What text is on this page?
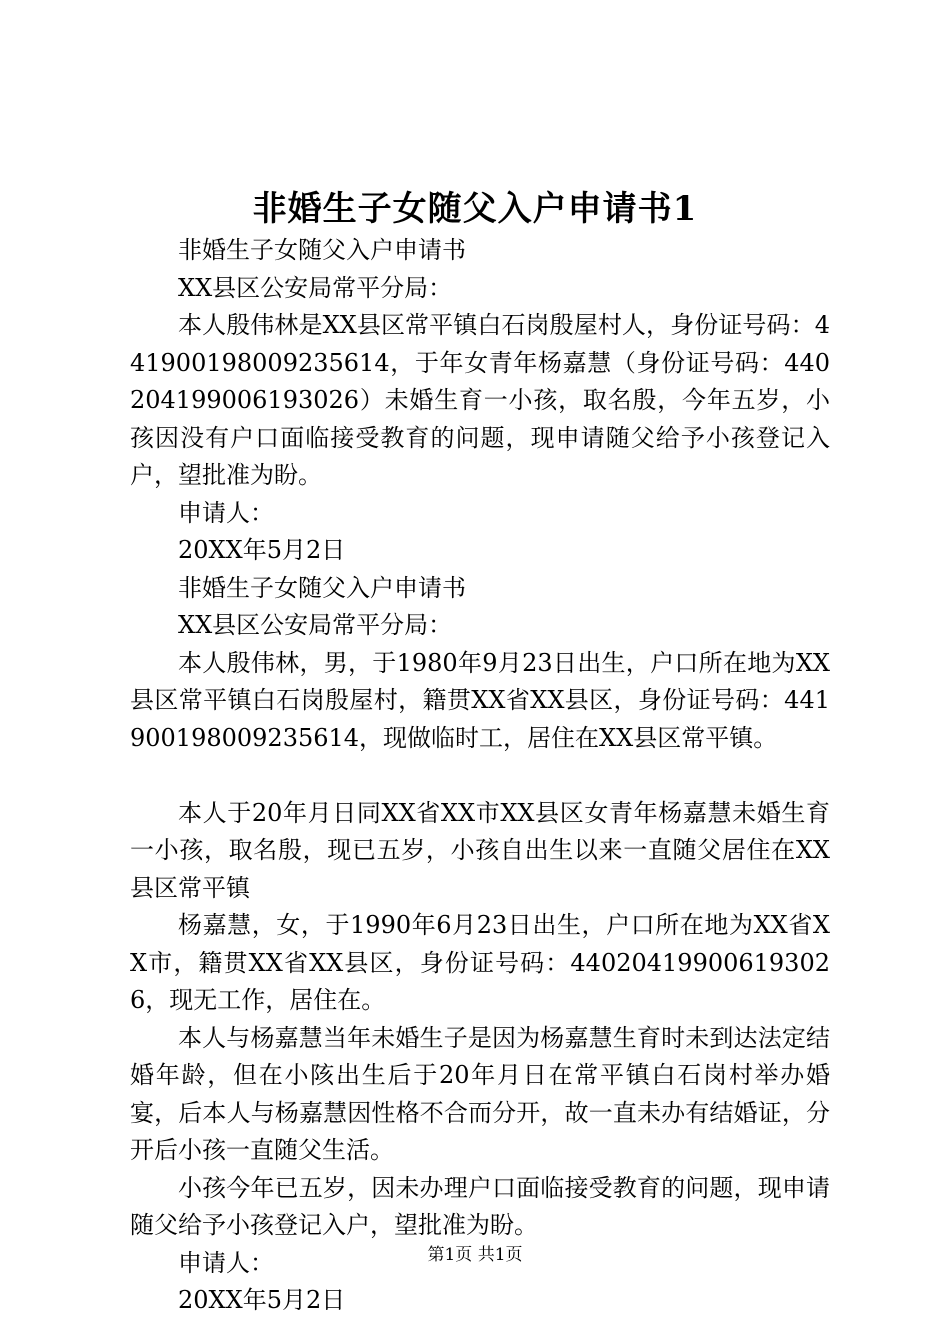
非婚生子女随父入户申请书1

非婚生子女随父入户申请书

XX县区公安局常平分局：

本人殷伟林是XX县区常平镇白石岗殷屋村人，身份证号码：441900198009235614，于年女青年杨嘉慧（身份证号码：440204199006193026）未婚生育一小孩，取名殷，今年五岁，小孩因没有户口面临接受教育的问题，现申请随父给予小孩登记入户，望批准为盼。

申请人：

20XX年5月2日

非婚生子女随父入户申请书

XX县区公安局常平分局：

本人殷伟林，男，于1980年9月23日出生，户口所在地为XX县区常平镇白石岗殷屋村，籍贯XX省XX县区，身份证号码：441900198009235614，现做临时工，居住在XX县区常平镇。

本人于20年月日同XX省XX市XX县区女青年杨嘉慧未婚生育一小孩，取名殷，现已五岁，小孩自出生以来一直随父居住在XX县区常平镇

杨嘉慧，女，于1990年6月23日出生，户口所在地为XX省XX市，籍贯XX省XX县区，身份证号码：440204199006193026，现无工作，居住在。

本人与杨嘉慧当年未婚生子是因为杨嘉慧生育时未到达法定结婚年龄，但在小陔出生后于20年月日在常平镇白石岗村举办婚宴，后本人与杨嘉慧因性格不合而分开，故一直未办有结婚证，分开后小孩一直随父生活。

小孩今年已五岁，因未办理户口面临接受教育的问题，现申请随父给予小孩登记入户，望批准为盼。

申请人：

20XX年5月2日

第1页 共1页
